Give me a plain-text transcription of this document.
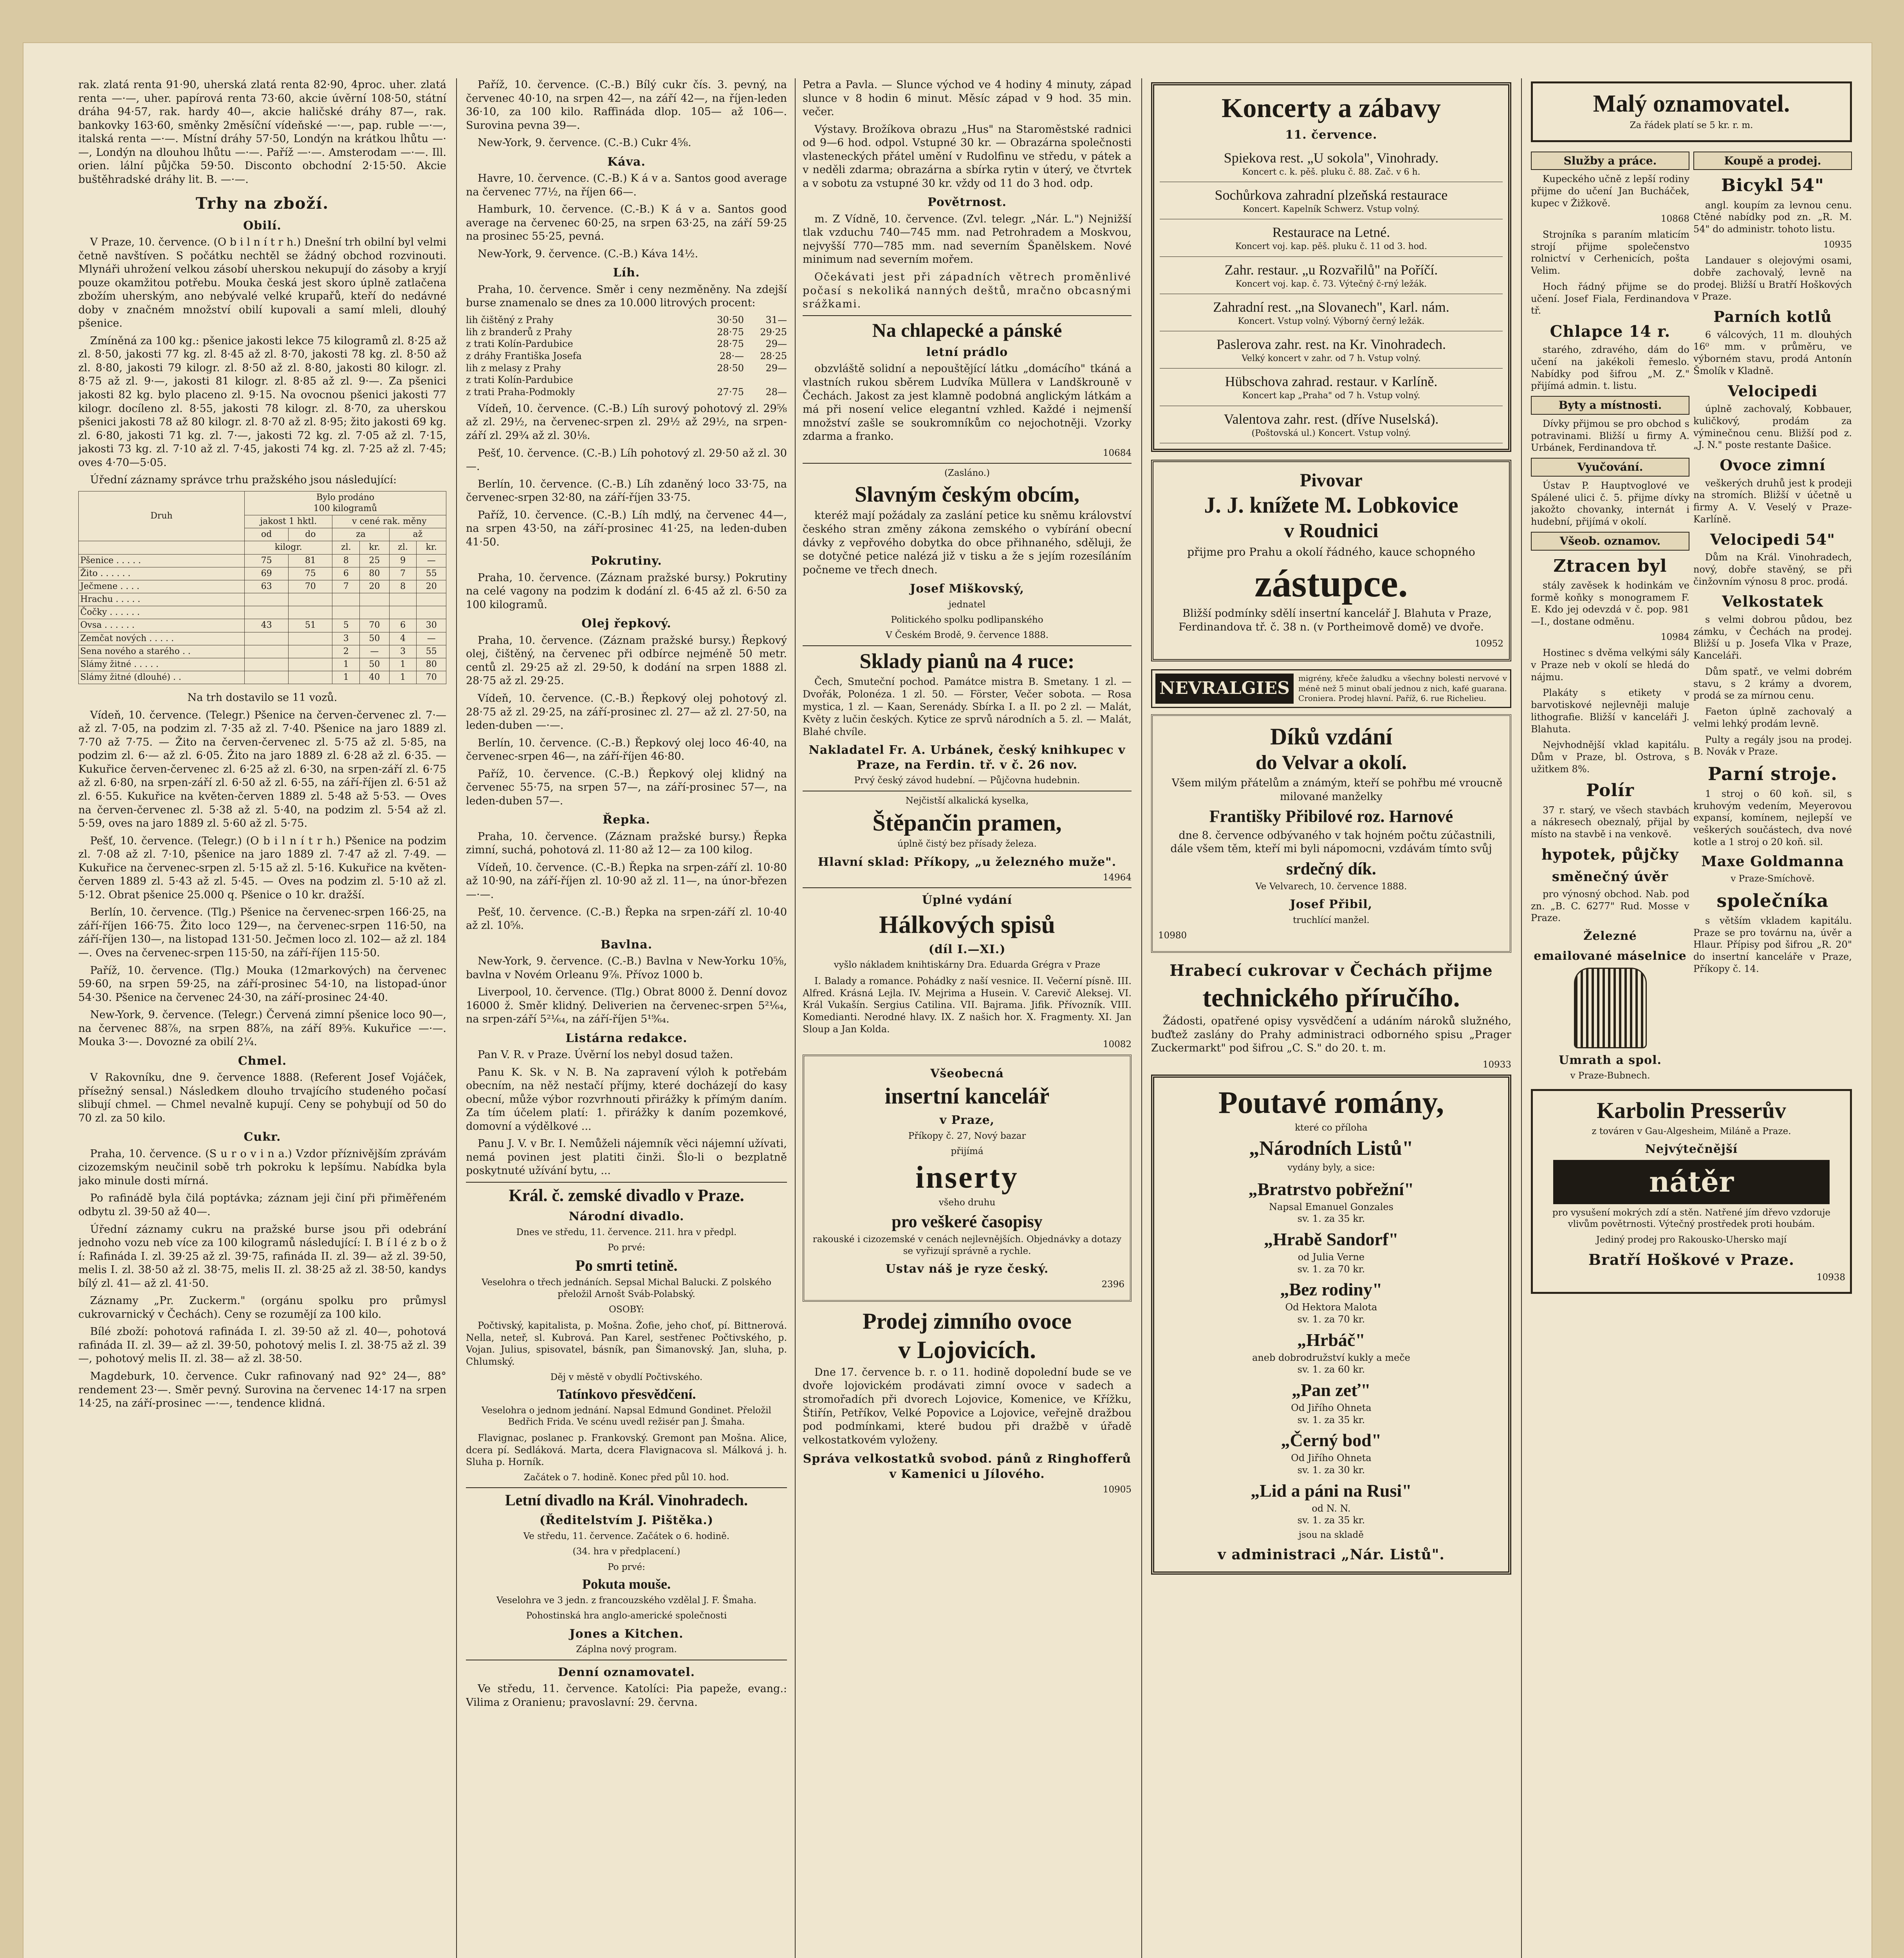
rak. zlatá renta 91·90, uherská zlatá renta 82·90, 4proc. uher. zlatá renta —·—, uher. papírová renta 73·60, akcie úvěrní 108·50, státní dráha 94·57, rak. hardy 40—, akcie haličské dráhy 87—, rak. bankovky 163·60, směnky 2měsíční vídeňské —·—, pap. ruble —·—, italská renta —·—. Místní dráhy 57·50, Londýn na krátkou lhůtu —·—, Londýn na dlouhou lhůtu —·—. Paříž —·—. Amsterodam —·—. Ill. orien. lální půjčka 59·50. Disconto obchodní 2·15·50. Akcie buštěhradské dráhy lit. B. —·—.

Trhy na zboží.
Obilí.

V Praze, 10. července. (O b i l n í t r h.) Dnešní trh obilní byl velmi četně navštíven. S počátku nechtěl se žádný obchod rozvinouti. Mlynáři uhrožení velkou zásobí uherskou nekupují do zásoby a kryjí pouze okamžitou potřebu. Mouka česká jest skoro úplně zatlačena zbožím uherským, ano nebývalé velké krupařů, kteří do nedávné doby v značném množství obilí kupovali a samí mleli, dlouhý pšenice.

Zmíněná za 100 kg.: pšenice jakosti lekce 75 kilogramů zl. 8·25 až zl. 8·50, jakosti 77 kg. zl. 8·45 až zl. 8·70, jakosti 78 kg. zl. 8·50 až zl. 8·80, jakosti 79 kilogr. zl. 8·50 až zl. 8·80, jakosti 80 kilogr. zl. 8·75 až zl. 9·—, jakosti 81 kilogr. zl. 8·85 až zl. 9·—. Za pšenici jakosti 82 kg. bylo placeno zl. 9·15. Na ovocnou pšenici jakosti 77 kilogr. docíleno zl. 8·55, jakosti 78 kilogr. zl. 8·70, za uherskou pšenici jakosti 78 až 80 kilogr. zl. 8·70 až zl. 8·95; žito jakosti 69 kg. zl. 6·80, jakosti 71 kg. zl. 7·—, jakosti 72 kg. zl. 7·05 až zl. 7·15, jakosti 73 kg. zl. 7·10 až zl. 7·45, jakosti 74 kg. zl. 7·25 až zl. 7·45; oves 4·70—5·05.

Úřední záznamy správce trhu pražského jsou následující:

Druh	Bylo prodáno
100 kilogramů					
	jakost 1 hktl.		v cené rak. měny			
	od	do	za		až	
	kilogr.		zl.	kr.	zl.	kr.
Pšenice . . . . .	75	81	8	25	9	—
Žito . . . . . .	69	75	6	80	7	55
Ječmene . . . .	63	70	7	20	8	20
Hrachu . . . . .						
Čočky . . . . . .						
Ovsa . . . . . .	43	51	5	70	6	30
Zemčat nových . . . . .			3	50	4	—
Sena nového a starého . .			2	—	3	55
Slámy žitné . . . . .			1	50	1	80
Slámy žitné (dlouhé) . .			1	40	1	70

Na trh dostavilo se 11 vozů.

Vídeň, 10. července. (Telegr.) Pšenice na červen-červenec zl. 7·— až zl. 7·05, na podzim zl. 7·35 až zl. 7·40. Pšenice na jaro 1889 zl. 7·70 až 7·75. — Žito na červen-červenec zl. 5·75 až zl. 5·85, na podzim zl. 6·— až zl. 6·05. Žito na jaro 1889 zl. 6·28 až zl. 6·35. — Kukuřice červen-červenec zl. 6·25 až zl. 6·30, na srpen-září zl. 6·75 až zl. 6·80, na srpen-září zl. 6·50 až zl. 6·55, na září-říjen zl. 6·51 až zl. 6·55. Kukuřice na květen-červen 1889 zl. 5·48 až 5·53. — Oves na červen-červenec zl. 5·38 až zl. 5·40, na podzim zl. 5·54 až zl. 5·59, oves na jaro 1889 zl. 5·60 až zl. 5·75.

Pešť, 10. července. (Telegr.) (O b i l n í t r h.) Pšenice na podzim zl. 7·08 až zl. 7·10, pšenice na jaro 1889 zl. 7·47 až zl. 7·49. — Kukuřice na červenec-srpen zl. 5·15 až zl. 5·16. Kukuřice na květen-červen 1889 zl. 5·43 až zl. 5·45. — Oves na podzim zl. 5·10 až zl. 5·12. Obrat pšenice 25.000 q. Pšenice o 10 kr. dražší.

Berlín, 10. července. (Tlg.) Pšenice na červenec-srpen 166·25, na září-říjen 166·75. Žito loco 129—, na červenec-srpen 116·50, na září-říjen 130—, na listopad 131·50. Ječmen loco zl. 102— až zl. 184—. Oves na červenec-srpen 115·50, na září-říjen 115·50.

Paříž, 10. července. (Tlg.) Mouka (12markových) na červenec 59·60, na srpen 59·25, na září-prosinec 54·10, na listopad-únor 54·30. Pšenice na červenec 24·30, na září-prosinec 24·40.

New-York, 9. července. (Telegr.) Červená zimní pšenice loco 90—, na červenec 88⅞, na srpen 88⅞, na září 89⅝. Kukuřice —·—. Mouka 3·—. Dovozné za obilí 2¼.

Chmel.

V Rakovníku, dne 9. července 1888. (Referent Josef Vojáček, přísežný sensal.) Následkem dlouho trvajícího studeného počasí slibují chmel. — Chmel nevalně kupují. Ceny se pohybují od 50 do 70 zl. za 50 kilo.

Cukr.

Praha, 10. července. (S u r o v i n a.) Vzdor příznivějším zprávám cizozemským neučinil sobě trh pokroku k lepšímu. Nabídka byla jako minule dosti mírná.

Po rafinádě byla čilá poptávka; záznam jeji činí při přiměřeném odbytu zl. 39·50 až 40—.

Úřední záznamy cukru na pražské burse jsou při odebrání jednoho vozu neb více za 100 kilogramů následující: I. B í l é z b o ž í: Rafináda I. zl. 39·25 až zl. 39·75, rafináda II. zl. 39— až zl. 39·50, melis I. zl. 38·50 až zl. 38·75, melis II. zl. 38·25 až zl. 38·50, kandys bílý zl. 41— až zl. 41·50.

Záznamy „Pr. Zuckerm." (orgánu spolku pro průmysl cukrovarnický v Čechách). Ceny se rozumějí za 100 kilo.

Bílé zboží: pohotová rafináda I. zl. 39·50 až zl. 40—, pohotová rafináda II. zl. 39— až zl. 39·50, pohotový melis I. zl. 38·75 až zl. 39—, pohotový melis II. zl. 38— až zl. 38·50.

Magdeburk, 10. července. Cukr rafinovaný nad 92° 24—, 88° rendement 23·—. Směr pevný. Surovina na červenec 14·17 na srpen 14·25, na září-prosinec —·—, tendence klidná.

Paříž, 10. července. (C.-B.) Bílý cukr čís. 3. pevný, na červenec 40·10, na srpen 42—, na září 42—, na říjen-leden 36·10, za 100 kilo. Raffináda dlop. 105— až 106—. Surovina pevna 39—.

New-York, 9. července. (C.-B.) Cukr 4⅝.

Káva.

Havre, 10. července. (C.-B.) K á v a. Santos good average na červenec 77½, na říjen 66—.

Hamburk, 10. července. (C.-B.) K á v a. Santos good average na červenec 60·25, na srpen 63·25, na září 59·25 na prosinec 55·25, pevná.

New-York, 9. července. (C.-B.) Káva 14½.

Líh.

Praha, 10. července. Směr i ceny nezměněny. Na zdejší burse znamenalo se dnes za 10.000 litrových procent:

lih čištěný z Prahy	30·50	31—
lih z branderů z Prahy	28·75	29·25
z trati Kolín-Pardubice	28·75	29—
z dráhy Františka Josefa	28·—	28·25
lih z melasy z Prahy	28·50	29—
z trati Kolín-Pardubice
z trati Praha-Podmokly	27·75	28—

Vídeň, 10. července. (C.-B.) Líh surový pohotový zl. 29⅝ až zl. 29½, na červenec-srpen zl. 29½ až 29½, na srpen-září zl. 29¾ až zl. 30⅛.

Pešť, 10. července. (C.-B.) Líh pohotový zl. 29·50 až zl. 30—.

Berlín, 10. července. (C.-B.) Líh zdaněný loco 33·75, na červenec-srpen 32·80, na září-říjen 33·75.

Paříž, 10. července. (C.-B.) Líh mdlý, na červenec 44—, na srpen 43·50, na září-prosinec 41·25, na leden-duben 41·50.

Pokrutiny.

Praha, 10. července. (Záznam pražské bursy.) Pokrutiny na celé vagony na podzim k dodání zl. 6·45 až zl. 6·50 za 100 kilogramů.

Olej řepkový.

Praha, 10. července. (Záznam pražské bursy.) Řepkový olej, čištěný, na červenec při odbírce nejméně 50 metr. centů zl. 29·25 až zl. 29·50, k dodání na srpen 1888 zl. 28·75 až zl. 29·25.

Vídeň, 10. července. (C.-B.) Řepkový olej pohotový zl. 28·75 až zl. 29·25, na září-prosinec zl. 27— až zl. 27·50, na leden-duben —·—.

Berlín, 10. července. (C.-B.) Řepkový olej loco 46·40, na červenec-srpen 46—, na září-říjen 46·80.

Paříž, 10. července. (C.-B.) Řepkový olej klidný na červenec 55·75, na srpen 57—, na září-prosinec 57—, na leden-duben 57—.

Řepka.

Praha, 10. července. (Záznam pražské bursy.) Řepka zimní, suchá, pohotová zl. 11·80 až 12— za 100 kilog.

Vídeň, 10. července. (C.-B.) Řepka na srpen-září zl. 10·80 až 10·90, na září-říjen zl. 10·90 až zl. 11—, na únor-březen —·—.

Pešť, 10. července. (C.-B.) Řepka na srpen-září zl. 10·40 až zl. 10⅝.

Bavlna.

New-York, 9. července. (C.-B.) Bavlna v New-Yorku 10⅝, bavlna v Novém Orleanu 9⅞. Přívoz 1000 b.

Liverpool, 10. července. (Tlg.) Obrat 8000 ž. Denní dovoz 16000 ž. Směr klidný. Deliverien na červenec-srpen 5²¹⁄₆₄, na srpen-září 5²¹⁄₆₄, na září-říjen 5¹⁹⁄₆₄.

Listárna redakce.

Pan V. R. v Praze. Úvěrní los nebyl dosud tažen.

Panu K. Sk. v N. B. Na zapravení výloh k potřebám obecním, na něž nestačí příjmy, které docházejí do kasy obecní, může výbor rozvrhnouti přirážky k přímým daním. Za tím účelem platí: 1. přirážky k daním pozemkové, domovní a výdělkové ...

Panu J. V. v Br. I. Nemůželi nájemník věci nájemní užívati, nemá povinen jest platiti činži. Šlo-li o bezplatně poskytnuté užívání bytu, ...

Král. č. zemské divadlo v Praze.
Národní divadlo.

Dnes ve středu, 11. července. 211. hra v předpl.

Po prvé:

Po smrti tetině.

Veselohra o třech jednáních. Sepsal Michal Balucki. Z polského přeložil Arnošt Sváb-Polabský.

OSOBY:

Počtivský, kapitalista, p. Mošna. Žofie, jeho choť, pí. Bittnerová. Nella, neteř, sl. Kubrová. Pan Karel, sestřenec Počtivského, p. Vojan. Julius, spisovatel, básník, pan Šimanovský. Jan, sluha, p. Chlumský.

Děj v městě v obydlí Počtivského.

Tatínkovo přesvědčení.

Veselohra o jednom jednání. Napsal Edmund Gondinet. Přeložil Bedřich Frida. Ve scénu uvedl režisér pan J. Šmaha.

Flavignac, poslanec p. Frankovský. Gremont pan Mošna. Alice, dcera pí. Sedláková. Marta, dcera Flavignacova sl. Málková j. h. Sluha p. Horník.

Začátek o 7. hodině. Konec před půl 10. hod.

Letní divadlo na Král. Vinohradech.
(Ředitelstvím J. Pištěka.)

Ve středu, 11. července. Začátek o 6. hodině.

(34. hra v předplacení.)

Po prvé:

Pokuta mouše.

Veselohra ve 3 jedn. z francouzského vzdělal J. F. Šmaha.

Pohostinská hra anglo-americké společnosti

Jones a Kitchen.

Záplna nový program.

Denní oznamovatel.

Ve středu, 11. července. Katolíci: Pia papeže, evang.: Vilima z Oranienu; pravoslavní: 29. června.

Petra a Pavla. — Slunce východ ve 4 hodiny 4 minuty, západ slunce v 8 hodin 6 minut. Měsíc západ v 9 hod. 35 min. večer.

Výstavy. Brožíkova obrazu „Hus" na Staroměstské radnici od 9—6 hod. odpol. Vstupné 30 kr. — Obrazárna společnosti vlasteneckých přátel umění v Rudolfinu ve středu, v pátek a v neděli zdarma; obrazárna a sbírka rytin v úterý, ve čtvrtek a v sobotu za vstupné 30 kr. vždy od 11 do 3 hod. odp.

Povětrnost.

m. Z Vídně, 10. července. (Zvl. telegr. „Nár. L.") Nejnižší tlak vzduchu 740—745 mm. nad Petrohradem a Moskvou, nejvyšší 770—785 mm. nad severním Španělskem. Nové minimum nad severním mořem.

Očekávati jest při západních větrech proměnlivé počasí s nekoliká nanných deštů, mračno obcasnými srážkami.

Na chlapecké a pánské
letní prádlo

obzvláště solidní a nepouštějící látku „domácího" tkáná a vlastních rukou sběrem Ludvíka Müllera v Landškrouně v Čechách. Jakost za jest klamně podobná anglickým látkám a má při nosení velice elegantní vzhled. Každé i nejmenší množství zašle se soukromníkům co nejochotněji. Vzorky zdarma a franko.

10684

(Zasláno.)

Slavným českým obcím,

kteréž mají požádaly za zaslání petice ku sněmu království českého stran změny zákona zemského o vybírání obecní dávky z vepřového dobytka do obce přihnaného, sděluji, že se dotyčné petice nalézá již v tisku a že s jejím rozesíláním počneme ve třech dnech.

Josef Miškovský,

jednatel

Politického spolku podlipanského

V Českém Brodě, 9. července 1888.

Sklady pianů na 4 ruce:

Čech, Smuteční pochod. Památce mistra B. Smetany. 1 zl. — Dvořák, Polonéza. 1 zl. 50. — Förster, Večer sobota. — Rosa mystica, 1 zl. — Kaan, Serenády. Sbírka I. a II. po 2 zl. — Malát, Květy z lučin českých. Kytice ze sprvů národních a 5. zl. — Malát, Blahé chvíle.

Nakladatel Fr. A. Urbánek, český knihkupec v Praze, na Ferdin. tř. v č. 26 nov.

Prvý český závod hudební. — Půjčovna hudebnin.

Nejčistší alkalická kyselka,

Štěpančin pramen,

úplně čistý bez přísady železa.

Hlavní sklad: Příkopy, „u železného muže".

14964

Úplné vydání
Hálkových spisů
(díl I.—XI.)

vyšlo nákladem knihtiskárny Dra. Eduarda Grégra v Praze

I. Balady a romance. Pohádky z naší vesnice. II. Večerní písně. III. Alfred. Krásná Lejla. IV. Mejrima a Husein. V. Carevič Aleksej. VI. Král Vukašín. Sergius Catilina. VII. Bajrama. Jifik. Přívozník. VIII. Komedianti. Nerodné hlavy. IX. Z našich hor. X. Fragmenty. XI. Jan Sloup a Jan Kolda.

10082

Všeobecná
insertní kancelář
v Praze,

Příkopy č. 27, Nový bazar

přijímá

inserty

všeho druhu

pro veškeré časopisy

rakouské i cizozemské v cenách nejlevnějších. Objednávky a dotazy se vyřizují správně a rychle.

Ustav náš je ryze český.

2396

Prodej zimního ovoce
v Lojovicích.

Dne 17. července b. r. o 11. hodině dopolední bude se ve dvoře lojovickém prodávati zimní ovoce v sadech a stromořadích při dvorech Lojovice, Komenice, ve Křížku, Štiřín, Petříkov, Velké Popovice a Lojovice, veřejně dražbou pod podmínkami, které budou při dražbě v úřadě velkostatkovém vyloženy.

Správa velkostatků svobod. pánů z Ringhofferů v Kamenici u Jílového.

10905

Koncerty a zábavy
11. července.
Spiekova rest. „U sokola", Vinohrady.
Koncert c. k. pěš. pluku č. 88. Zač. v 6 h.
Sochůrkova zahradní plzeňská restaurace
Koncert. Kapelník Schwerz. Vstup volný.
Restaurace na Letné.
Koncert voj. kap. pěš. pluku č. 11 od 3. hod.
Zahr. restaur. „u Rozvařilů" na Poříčí.
Koncert voj. kap. č. 73. Výtečný č-rný ležák.
Zahradní rest. „na Slovanech", Karl. nám.
Koncert. Vstup volný. Výborný černý ležák.
Paslerova zahr. rest. na Kr. Vinohradech.
Velký koncert v zahr. od 7 h. Vstup volný.
Hübschova zahrad. restaur. v Karlíně.
Koncert kap „Praha" od 7 h. Vstup volný.
Valentova zahr. rest. (dříve Nuselská).
(Poštovská ul.) Koncert. Vstup volný.
Pivovar
J. J. knížete M. Lobkovice
v Roudnici

přijme pro Prahu a okolí řádného, kauce schopného

zástupce.

Bližší podmínky sdělí insertní kancelář J. Blahuta v Praze, Ferdinandova tř. č. 38 n. (v Portheimově domě) ve dvoře.

10952

NEVRALGIES	migrény, křeče žaludku a všechny bolesti nervové v méně než 5 minut obalí jednou z nich, kafé guarana. Croniera. Prodej hlavní. Paříž, 6. rue Richelieu.

Díků vzdání
do Velvar a okolí.

Všem milým přátelům a známým, kteří se pohřbu mé vroucně milované manželky

Františky Přibilové roz. Harnové

dne 8. července odbývaného v tak hojném počtu zúčastnili, dále všem těm, kteří mi byli nápomocni, vzdávám tímto svůj

srdečný dík.

Ve Velvarech, 10. července 1888.

Josef Přibil,

truchlící manžel.

10980

Hrabecí cukrovar v Čechách přijme
technického příručího.

Žádosti, opatřené opisy vysvědčení a udáním nároků služného, buďtež zaslány do Prahy administraci odborného spisu „Prager Zuckermarkt" pod šifrou „C. S." do 20. t. m.

10933

Poutavé romány,

které co příloha

„Národních Listů"

vydány byly, a sice:

„Bratrstvo pobřežní"
Napsal Emanuel Gonzales
sv. 1. za 35 kr.
„Hrabě Sandorf"
od Julia Verne
sv. 1. za 70 kr.
„Bez rodiny"
Od Hektora Malota
sv. 1. za 70 kr.
„Hrbáč"
aneb dobrodružství kukly a meče
sv. 1. za 60 kr.
„Pan zeť"
Od Jiřího Ohneta
sv. 1. za 35 kr.
„Černý bod"
Od Jiřího Ohneta
sv. 1. za 30 kr.
„Lid a páni na Rusi"
od N. N.
sv. 1. za 35 kr.

jsou na skladě

v administraci „Nár. Listů".
Malý oznamovatel.

Za řádek platí se 5 kr. r. m.

Služby a práce.

Kupeckého učně z lepší rodiny přijme do učení Jan Bucháček, kupec v Žižkově.

10868

Strojníka s paraním mlaticím strojí přijme společenstvo rolnictví v Cerhenicích, pošta Velim.

Hoch řádný přijme se do učení. Josef Fiala, Ferdinandova tř.

Chlapce 14 r.

starého, zdravého, dám do učení na jakékoli řemeslo. Nabídky pod šifrou „M. Z." přijímá admin. t. listu.

Byty a místnosti.

Dívky přijmou se pro obchod s potravinami. Bližší u firmy A. Urbánek, Ferdinandova tř.

Vyučování.

Ústav P. Hauptvoglové ve Spálené ulici č. 5. přijme dívky jakožto chovanky, internát i hudební, přijímá v okolí.

Všeob. oznamov.
Ztracen byl

stály zavěsek k hodinkám ve formě koňky s monogramem F. E. Kdo jej odevzdá v č. pop. 981—I., dostane odměnu.

10984

Hostinec s dvěma velkými sály v Praze neb v okolí se hledá do nájmu.

Plakáty s etikety v barvotiskové nejlevněji maluje lithografie. Bližší v kanceláři J. Blahuta.

Nejvhodnější vklad kapitálu. Dům v Praze, bl. Ostrova, s užitkem 8%.

Polír

37 r. starý, ve všech stavbách a nákresech obeznalý, přijal by místo na stavbě i na venkově.

hypotek, půjčky
směnečný úvěr

pro výnosný obchod. Nab. pod zn. „B. C. 6277" Rud. Mosse v Praze.

Železné
emailované máselnice
Umrath a spol.

v Praze-Bubnech.

Koupě a prodej.
Bicykl 54"

angl. koupím za levnou cenu. Ctěné nabídky pod zn. „R. M. 54" do administr. tohoto listu.

10935

Landauer s olejovými osami, dobře zachovalý, levně na prodej. Bližší u Bratří Hoškových v Praze.

Parních kotlů

6 válcových, 11 m. dlouhých 16⁰ mm. v průměru, ve výborném stavu, prodá Antonín Šmolík v Kladně.

Velocipedi

úplně zachovalý, Kobbauer, kuličkový, prodám za výminečnou cenu. Bližší pod z. „J. N." poste restante Dašice.

Ovoce zimní

veškerých druhů jest k prodeji na stromích. Bližší v účetně u firmy A. V. Veselý v Praze-Karlíně.

Velocipedi 54"

Dům na Král. Vinohradech, nový, dobře stavěný, se při činžovním výnosu 8 proc. prodá.

Velkostatek

s velmi dobrou půdou, bez zámku, v Čechách na prodej. Bližší u p. Josefa Vlka v Praze, Kanceláři.

Dům spatř., ve velmi dobrém stavu, s 2 krámy a dvorem, prodá se za mírnou cenu.

Faeton úplně zachovalý a velmi lehký prodám levně.

Pulty a regály jsou na prodej. B. Novák v Praze.

Parní stroje.

1 stroj o 60 koň. sil, s kruhovým vedením, Meyerovou expansí, komínem, nejlepší ve veškerých součástech, dva nové kotle a 1 stroj o 20 koň. sil.

Maxe Goldmanna

v Praze-Smíchově.

společníka

s větším vkladem kapitálu. Praze se pro továrnu na, úvěr a Hlaur. Přípisy pod šifrou „R. 20" do insertní kanceláře v Praze, Příkopy č. 14.

Karbolin Presserův

z továren v Gau-Algesheim, Miláně a Praze.

Nejvýtečnější
nátěr

pro vysušení mokrých zdí a stěn. Natřené jím dřevo vzdoruje vlivům povětrnosti. Výtečný prostředek proti houbám.

Jediný prodej pro Rakousko-Uhersko mají

Bratří Hoškové v Praze.

10938
